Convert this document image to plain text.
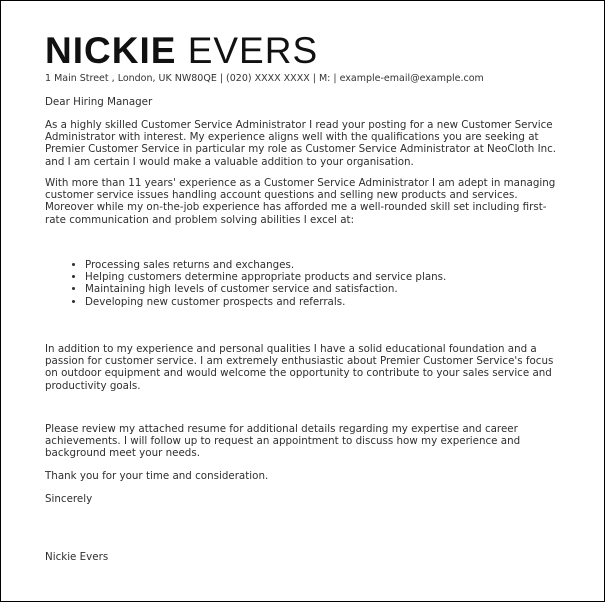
NICKIE EVERS
1 Main Street , London, UK NW80QE | (020) XXXX XXXX | M: | example-email@example.com

Dear Hiring Manager

As a highly skilled Customer Service Administrator I read your posting for a new Customer Service Administrator with interest. My experience aligns well with the qualifications you are seeking at Premier Customer Service in particular my role as Customer Service Administrator at NeoCloth Inc. and I am certain I would make a valuable addition to your organisation.

With more than 11 years' experience as a Customer Service Administrator I am adept in managing customer service issues handling account questions and selling new products and services. Moreover while my on-the-job experience has afforded me a well-rounded skill set including first-rate communication and problem solving abilities I excel at:

• Processing sales returns and exchanges.
• Helping customers determine appropriate products and service plans.
• Maintaining high levels of customer service and satisfaction.
• Developing new customer prospects and referrals.

In addition to my experience and personal qualities I have a solid educational foundation and a passion for customer service. I am extremely enthusiastic about Premier Customer Service's focus on outdoor equipment and would welcome the opportunity to contribute to your sales service and productivity goals.

Please review my attached resume for additional details regarding my expertise and career achievements. I will follow up to request an appointment to discuss how my experience and background meet your needs.

Thank you for your time and consideration.

Sincerely

Nickie Evers
